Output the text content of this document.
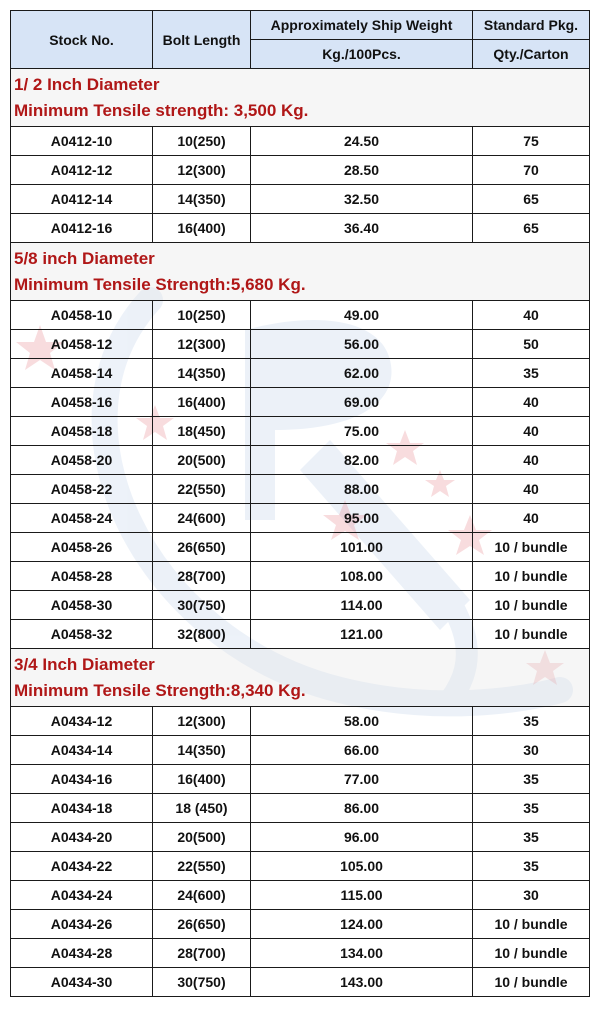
Stock No.	Bolt Length	Approximately Ship Weight	Standard Pkg.
		Kg./100Pcs.	Qty./Carton

1/ 2 Inch Diameter
Minimum Tensile strength: 3,500 Kg.			

A0412-10	10(250)	24.50	75
A0412-12	12(300)	28.50	70
A0412-14	14(350)	32.50	65
A0412-16	16(400)	36.40	65

5/8 inch Diameter
Minimum Tensile Strength:5,680 Kg.			

A0458-10	10(250)	49.00	40
A0458-12	12(300)	56.00	50
A0458-14	14(350)	62.00	35
A0458-16	16(400)	69.00	40
A0458-18	18(450)	75.00	40
A0458-20	20(500)	82.00	40
A0458-22	22(550)	88.00	40
A0458-24	24(600)	95.00	40
A0458-26	26(650)	101.00	10 / bundle
A0458-28	28(700)	108.00	10 / bundle
A0458-30	30(750)	114.00	10 / bundle
A0458-32	32(800)	121.00	10 / bundle

3/4 Inch Diameter
Minimum Tensile Strength:8,340 Kg.			

A0434-12	12(300)	58.00	35
A0434-14	14(350)	66.00	30
A0434-16	16(400)	77.00	35
A0434-18	18 (450)	86.00	35
A0434-20	20(500)	96.00	35
A0434-22	22(550)	105.00	35
A0434-24	24(600)	115.00	30
A0434-26	26(650)	124.00	10 / bundle
A0434-28	28(700)	134.00	10 / bundle
A0434-30	30(750)	143.00	10 / bundle
